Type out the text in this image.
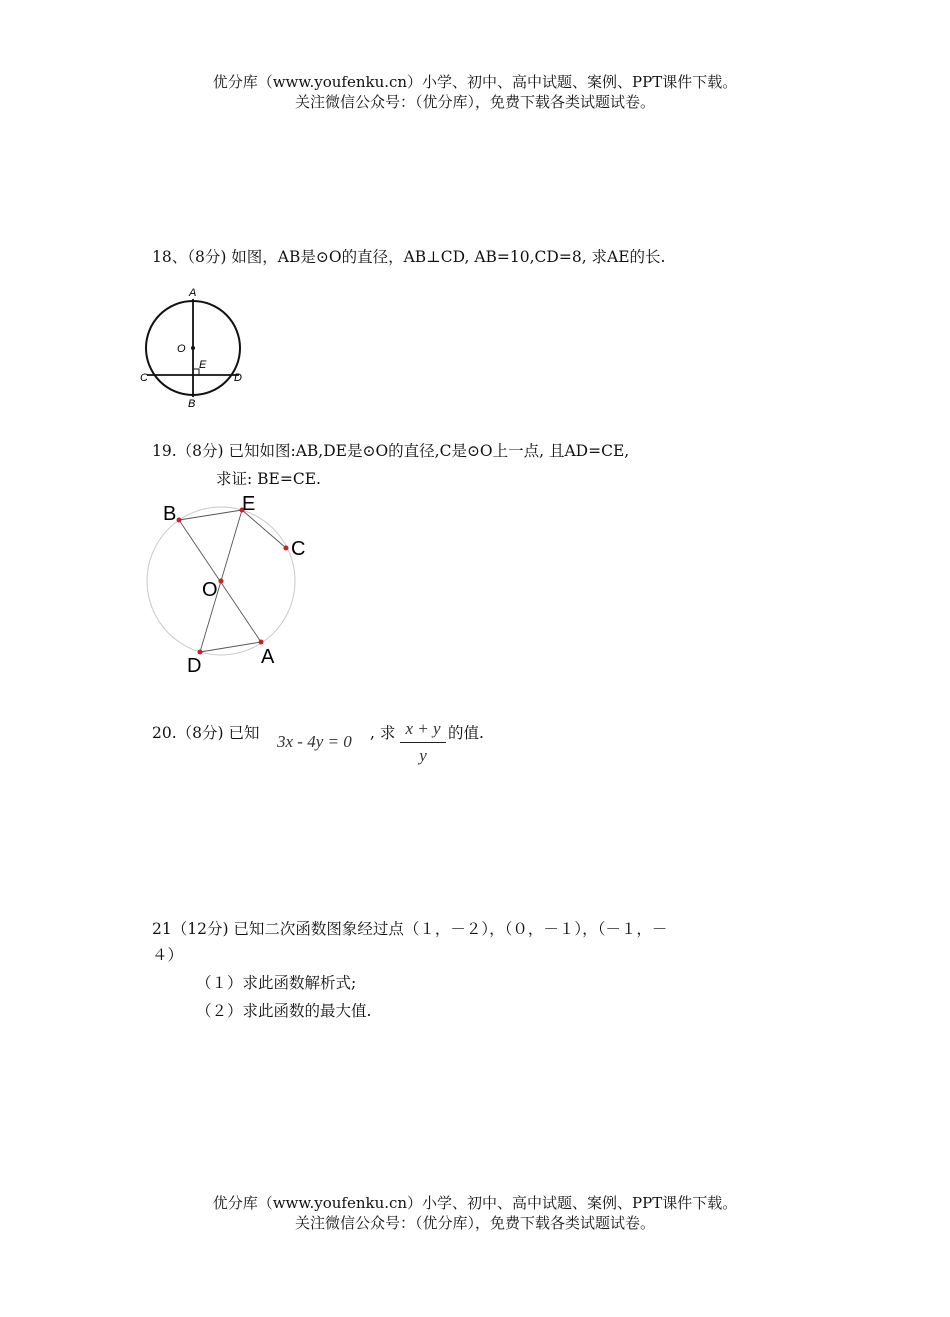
优分库（www.youfenku.cn）小学、初中、高中试题、案例、PPT课件下载。
关注微信公众号：（优分库），免费下载各类试题试卷。
18、（8分) 如图，AB是⊙O的直径，AB⊥CD, AB=10,CD=8, 求AE的长.
A
O
E
C	D
B
19.（8分) 已知如图:AB,DE是⊙O的直径,C是⊙O上一点, 且AD=CE,
求证: BE=CE.
B	E
C
O
D	A
20.（8分) 已知 3x - 4y = 0 , 求 x + y
y
的值.
21（12分) 已知二次函数图象经过点（１，－２），（０，－１），（－１，－
４）
（１）求此函数解析式;
（２）求此函数的最大值.
优分库（www.youfenku.cn）小学、初中、高中试题、案例、PPT课件下载。
关注微信公众号：（优分库），免费下载各类试题试卷。
